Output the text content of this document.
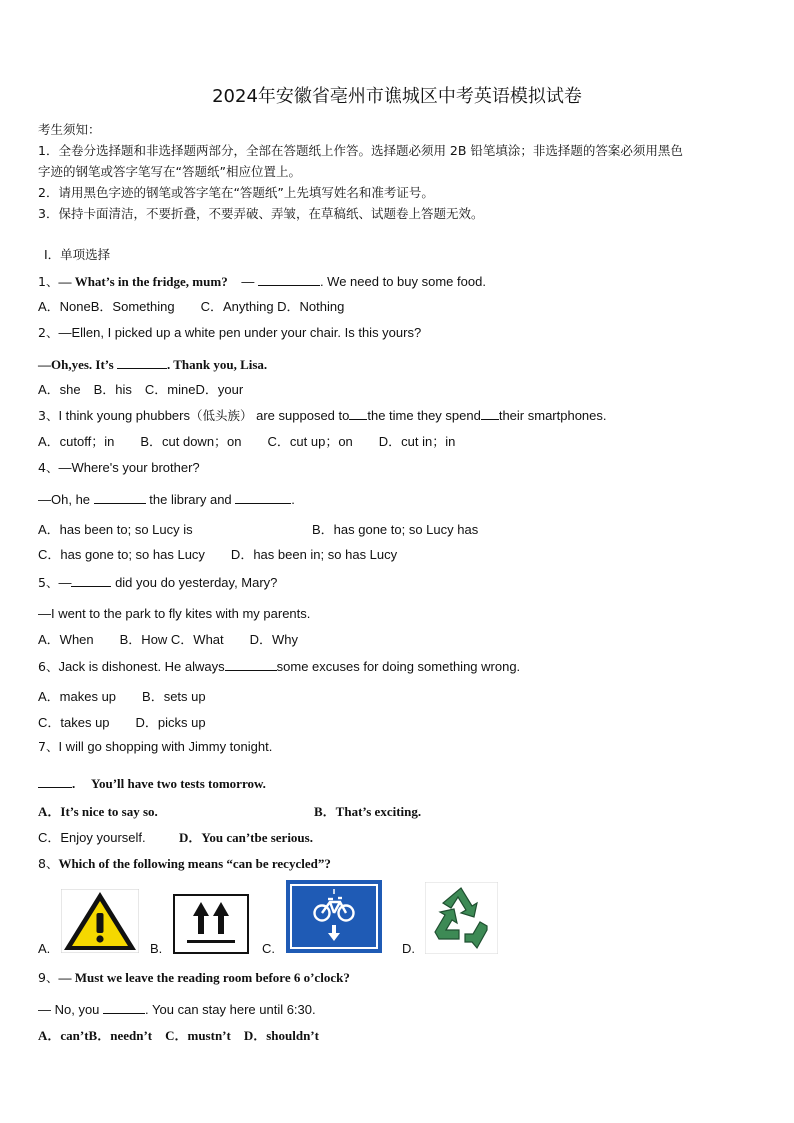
2024年安徽省亳州市谯城区中考英语模拟试卷
考生须知：
1．全卷分选择题和非选择题两部分，全部在答题纸上作答。选择题必须用 2B 铅笔填涂；非选择题的答案必须用黑色
字迹的钢笔或答字笔写在“答题纸”相应位置上。
2．请用黑色字迹的钢笔或答字笔在“答题纸”上先填写姓名和准考证号。
3．保持卡面清洁，不要折叠，不要弄破、弄皱，在草稿纸、试题卷上答题无效。
Ⅰ．单项选择
1、— What’s in the fridge, mum? —	. We need to buy some food.
A．NoneB．Something　　C．Anything D．Nothing
2、—Ellen, I picked up a white pen under your chair. Is this yours?
—Oh,yes. It’s	. Thank you, Lisa.
A．she　B．his　C．mineD．your
3、I think young phubbers（低头族） are supposed to the time they spend their smartphones.
A．cutoff；in　　B．cut down；on　　C．cut up；on　　D．cut in；in
4、—Where's your brother?
—Oh, he	the library and	.
A．has been to; so Lucy is	B．has gone to; so Lucy has
C．has gone to; so has Lucy　　D．has been in; so has Lucy
5、—	did you do yesterday, Mary?
—I went to the park to fly kites with my parents.
A．When　　B．How C．What　　D．Why
6、Jack is dishonest. He always	some excuses for doing something wrong.
A．makes up　　B．sets up
C．takes up　　D．picks up
7、I will go shopping with Jimmy tonight.
.　 You’ll have two tests tomorrow.
A．It’s nice to say so.	B．That’s exciting.
C．Enjoy yourself.	D．You can’tbe serious.
8、Which of the following means “can be recycled”?
A.	B.	C.	D.
9、— Must we leave the reading room before 6 o’clock?
— No, you	. You can stay here until 6:30.
A．can’tB．needn’t　C．mustn’t　D．shouldn’t
